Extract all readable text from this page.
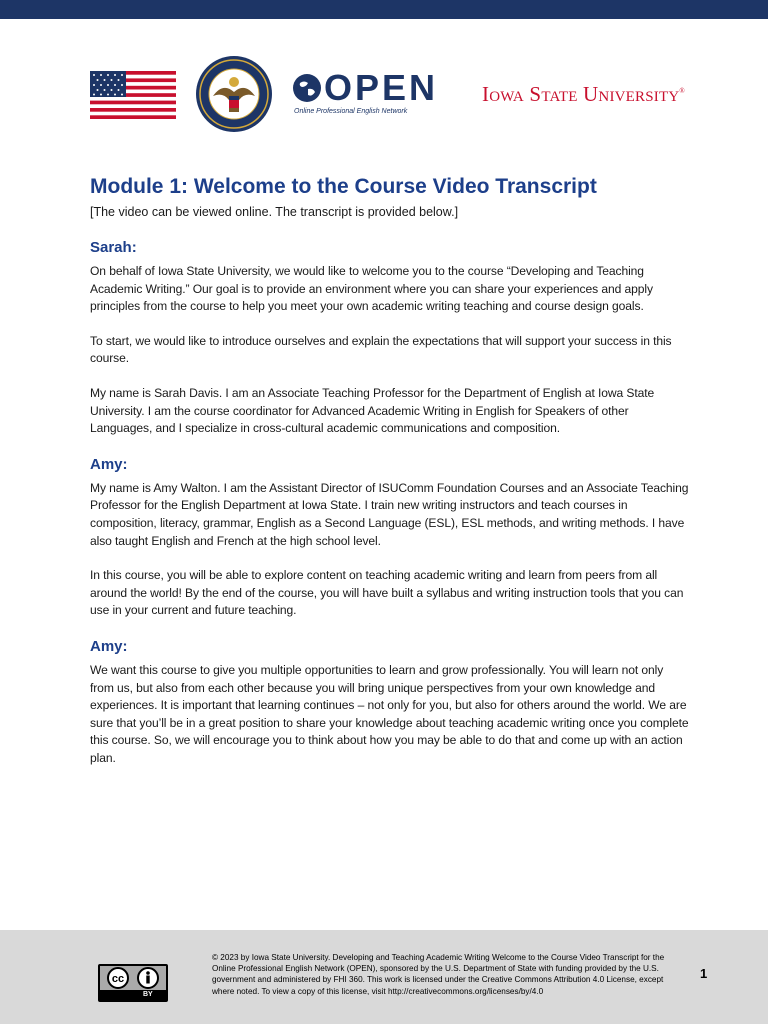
OPEN
Online Professional English Network
IOWA STATE UNIVERSITY®
Module 1: Welcome to the Course Video Transcript

[The video can be viewed online. The transcript is provided below.]

Sarah:

On behalf of Iowa State University, we would like to welcome you to the course “Developing and Teaching Academic Writing.” Our goal is to provide an environment where you can share your experiences and apply principles from the course to help you meet your own academic writing teaching and course design goals.

To start, we would like to introduce ourselves and explain the expectations that will support your success in this course.

My name is Sarah Davis. I am an Associate Teaching Professor for the Department of English at Iowa State University. I am the course coordinator for Advanced Academic Writing in English for Speakers of other Languages, and I specialize in cross-cultural academic communications and composition.

Amy:

My name is Amy Walton. I am the Assistant Director of ISUComm Foundation Courses and an Associate Teaching Professor for the English Department at Iowa State. I train new writing instructors and teach courses in composition, literacy, grammar, English as a Second Language (ESL), ESL methods, and writing methods. I have also taught English and French at the high school level.

In this course, you will be able to explore content on teaching academic writing and learn from peers from all around the world! By the end of the course, you will have built a syllabus and writing instruction tools that you can use in your current and future teaching.

Amy:

We want this course to give you multiple opportunities to learn and grow professionally. You will learn not only from us, but also from each other because you will bring unique perspectives from your own knowledge and experiences. It is important that learning continues – not only for you, but also for others around the world. We are sure that you’ll be in a great position to share your knowledge about teaching academic writing once you complete this course. So, we will encourage you to think about how you may be able to do that and come up with an action plan.

cc
BY
© 2023 by Iowa State University. Developing and Teaching Academic Writing Welcome to the Course Video Transcript for the Online Professional English Network (OPEN), sponsored by the U.S. Department of State with funding provided by the U.S. government and administered by FHI 360. This work is licensed under the Creative Commons Attribution 4.0 License, except where noted. To view a copy of this license, visit http://creativecommons.org/licenses/by/4.0
1
